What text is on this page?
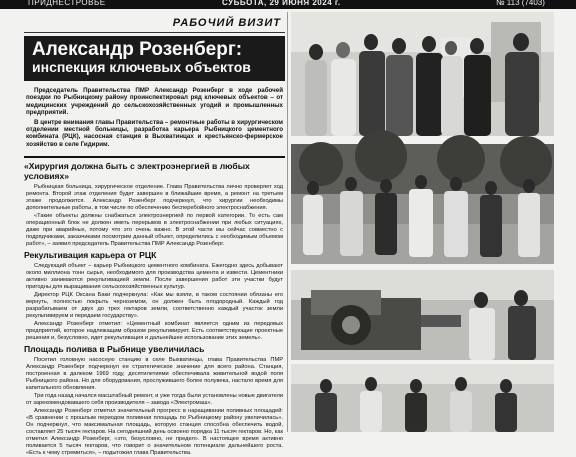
ПРИДНЕСТРОВЬЕ	СУББОТА, 29 ИЮНЯ 2024 г.	№ 113 (7403)
РАБОЧИЙ ВИЗИТ
Александр Розенберг:
инспекция ключевых объектов

Председатель Правительства ПМР Александр Розенберг в ходе рабочей поездки по Рыбницкому району проинспектировал ряд ключевых объектов – от медицинских учреждений до сельскохозяйственных угодий и промышленных предприятий.

В центре внимания главы Правительства – ремонтные работы в хирургическом отделении местной больницы, разработка карьера Рыбницкого цементного комбината (РЦК), насосная станция в Выхватинцах и крестьянско-фермерское хозяйство в селе Гидирим.

«Хирургия должна быть с электроэнергией в любых условиях»

Рыбницкая больница, хирургическое отделение. Глава Правительства лично проверяет ход ремонта. Второй этаж отделения будет завершен в ближайшие время, а ремонт на третьем этаже продолжится. Александр Розенберг подчеркнул, что хирургии необходимы дополнительные работы, в том числе по обеспечению бесперебойного электроснабжения.

«Такие объекты должны снабжаться электроэнергией по первой категории. То есть сам операционный блок не должен иметь перерывов в электроснабжении при любых ситуациях, даже при аварийных, потому что это очень важно. В этой части мы сейчас совместно с подрядчиками, заказчиками посмотрим данный объект, определились с необходимым объемом работ», – заявил председатель Правительства ПМР Александр Розенберг.

Рекультивация карьера от РЦК

Следующий объект – карьер Рыбницкого цементного комбината. Ежегодно здесь добывают около миллиона тонн сырья, необходимого для производства цемента и извести. Цементники активно занимаются рекультивацией земли. После завершения работ эти участки будут пригодны для выращивания сельскохозяйственных культур.

Директор РЦК Оксана Баки подчеркнула: «Как мы взяли, в таком состоянии обязаны его вернуть, полностью покрыть черноземом, он должен быть плодородный. Каждый год разрабатываем от двух до трех гектаров земли, соответственно каждый участок земли рекультивируем и передаем государству».

Александр Розенберг отметил: «Цементный комбинат является одним из передовых предприятий, которое надлежащим образом рекультивирует. Есть соответствующие проектные решения и, безусловно, идет рекультивация и дальнейшее использование этих земель».

Площадь полива в Рыбнице увеличилась

Посетил головную насосную станцию в селе Выхватинцы, глава Правительства ПМР Александр Розенберг подчеркнул ее стратегическое значение для всего района. Станция, построенная в далеком 1969 году, десятилетиями обеспечивала живительной водой поля Рыбницкого района. Но для оборудования, прослужившего более полувека, настало время для капитального обновления.

Три года назад начался масштабный ремонт, и уже тогда были установлены новые двигатели от зарекомендовавшего себя производителя – завода «Электромаш».

Александр Розенберг отметил значительный прогресс в наращивании поливных площадей: «В сравнении с прошлым периодом поливная площадь по Рыбницкому району увеличилась». Он подчеркнул, что максимальная площадь, которую станция способна обеспечить водой, составляет 25 тысяч гектаров. На сегодняшний день освоено порядка 11 тысяч гектаров. Но, как отметил Александр Розенберг, «это, безусловно, не предел». В настоящее время активно поливается 5 тысяч гектаров, что говорит о значительном потенциале дальнейшего роста. «Есть к чему стремиться», – подытожил глава Правительства.
